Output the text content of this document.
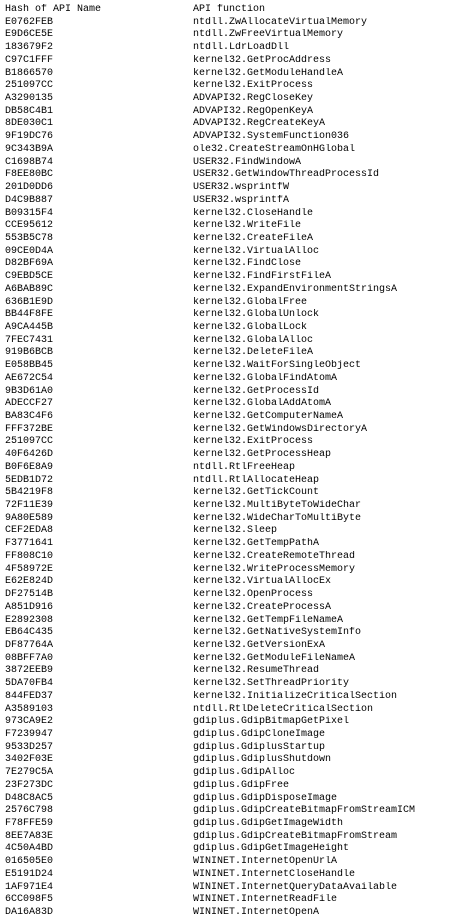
Hash of API Name	API function
E0762FEB	ntdll.ZwAllocateVirtualMemory
E9D6CE5E	ntdll.ZwFreeVirtualMemory
183679F2	ntdll.LdrLoadDll
C97C1FFF	kernel32.GetProcAddress
B1866570	kernel32.GetModuleHandleA
251097CC	kernel32.ExitProcess
A3290135	ADVAPI32.RegCloseKey
DB58C4B1	ADVAPI32.RegOpenKeyA
8DE030C1	ADVAPI32.RegCreateKeyA
9F19DC76	ADVAPI32.SystemFunction036
9C343B9A	ole32.CreateStreamOnHGlobal
C1698B74	USER32.FindWindowA
F8EE80BC	USER32.GetWindowThreadProcessId
201D0DD6	USER32.wsprintfW
D4C9B887	USER32.wsprintfA
B09315F4	kernel32.CloseHandle
CCE95612	kernel32.WriteFile
553B5C78	kernel32.CreateFileA
09CE0D4A	kernel32.VirtualAlloc
D82BF69A	kernel32.FindClose
C9EBD5CE	kernel32.FindFirstFileA
A6BAB89C	kernel32.ExpandEnvironmentStringsA
636B1E9D	kernel32.GlobalFree
BB44F8FE	kernel32.GlobalUnlock
A9CA445B	kernel32.GlobalLock
7FEC7431	kernel32.GlobalAlloc
919B6BCB	kernel32.DeleteFileA
E058BB45	kernel32.WaitForSingleObject
AE672C54	kernel32.GlobalFindAtomA
9B3D61A0	kernel32.GetProcessId
ADECCF27	kernel32.GlobalAddAtomA
BA83C4F6	kernel32.GetComputerNameA
FFF372BE	kernel32.GetWindowsDirectoryA
251097CC	kernel32.ExitProcess
40F6426D	kernel32.GetProcessHeap
B0F6E8A9	ntdll.RtlFreeHeap
5EDB1D72	ntdll.RtlAllocateHeap
5B4219F8	kernel32.GetTickCount
72F11E39	kernel32.MultiByteToWideChar
9A80E589	kernel32.WideCharToMultiByte
CEF2EDA8	kernel32.Sleep
F3771641	kernel32.GetTempPathA
FF808C10	kernel32.CreateRemoteThread
4F58972E	kernel32.WriteProcessMemory
E62E824D	kernel32.VirtualAllocEx
DF27514B	kernel32.OpenProcess
A851D916	kernel32.CreateProcessA
E2892308	kernel32.GetTempFileNameA
EB64C435	kernel32.GetNativeSystemInfo
DF87764A	kernel32.GetVersionExA
08BFF7A0	kernel32.GetModuleFileNameA
3872EEB9	kernel32.ResumeThread
5DA70FB4	kernel32.SetThreadPriority
844FED37	kernel32.InitializeCriticalSection
A3589103	ntdll.RtlDeleteCriticalSection
973CA9E2	gdiplus.GdipBitmapGetPixel
F7239947	gdiplus.GdipCloneImage
9533D257	gdiplus.GdiplusStartup
3402F03E	gdiplus.GdiplusShutdown
7E279C5A	gdiplus.GdipAlloc
23F273DC	gdiplus.GdipFree
D48C8AC5	gdiplus.GdipDisposeImage
2576C798	gdiplus.GdipCreateBitmapFromStreamICM
F78FFE59	gdiplus.GdipGetImageWidth
8EE7A83E	gdiplus.GdipCreateBitmapFromStream
4C50A4BD	gdiplus.GdipGetImageHeight
016505E0	WININET.InternetOpenUrlA
E5191D24	WININET.InternetCloseHandle
1AF971E4	WININET.InternetQueryDataAvailable
6CC098F5	WININET.InternetReadFile
DA16A83D	WININET.InternetOpenA
